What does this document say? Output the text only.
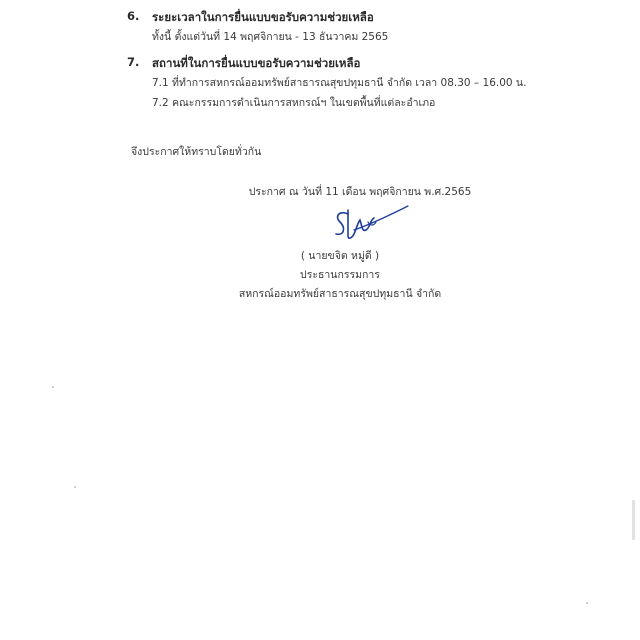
6. ระยะเวลาในการยื่นแบบขอรับความช่วยเหลือ
ทั้งนี้ ตั้งแต่วันที่ 14 พฤศจิกายน - 13 ธันวาคม 2565
7. สถานที่ในการยื่นแบบขอรับความช่วยเหลือ
7.1 ที่ทำการสหกรณ์ออมทรัพย์สาธารณสุขปทุมธานี จำกัด เวลา 08.30 – 16.00 น.
7.2 คณะกรรมการดำเนินการสหกรณ์ฯ ในเขตพื้นที่แต่ละอำเภอ
จึงประกาศให้ทราบโดยทั่วกัน
ประกาศ ณ วันที่ 11 เดือน พฤศจิกายน พ.ศ.2565
( นายขจิต หมู่ดี )
ประธานกรรมการ
สหกรณ์ออมทรัพย์สาธารณสุขปทุมธานี จำกัด
